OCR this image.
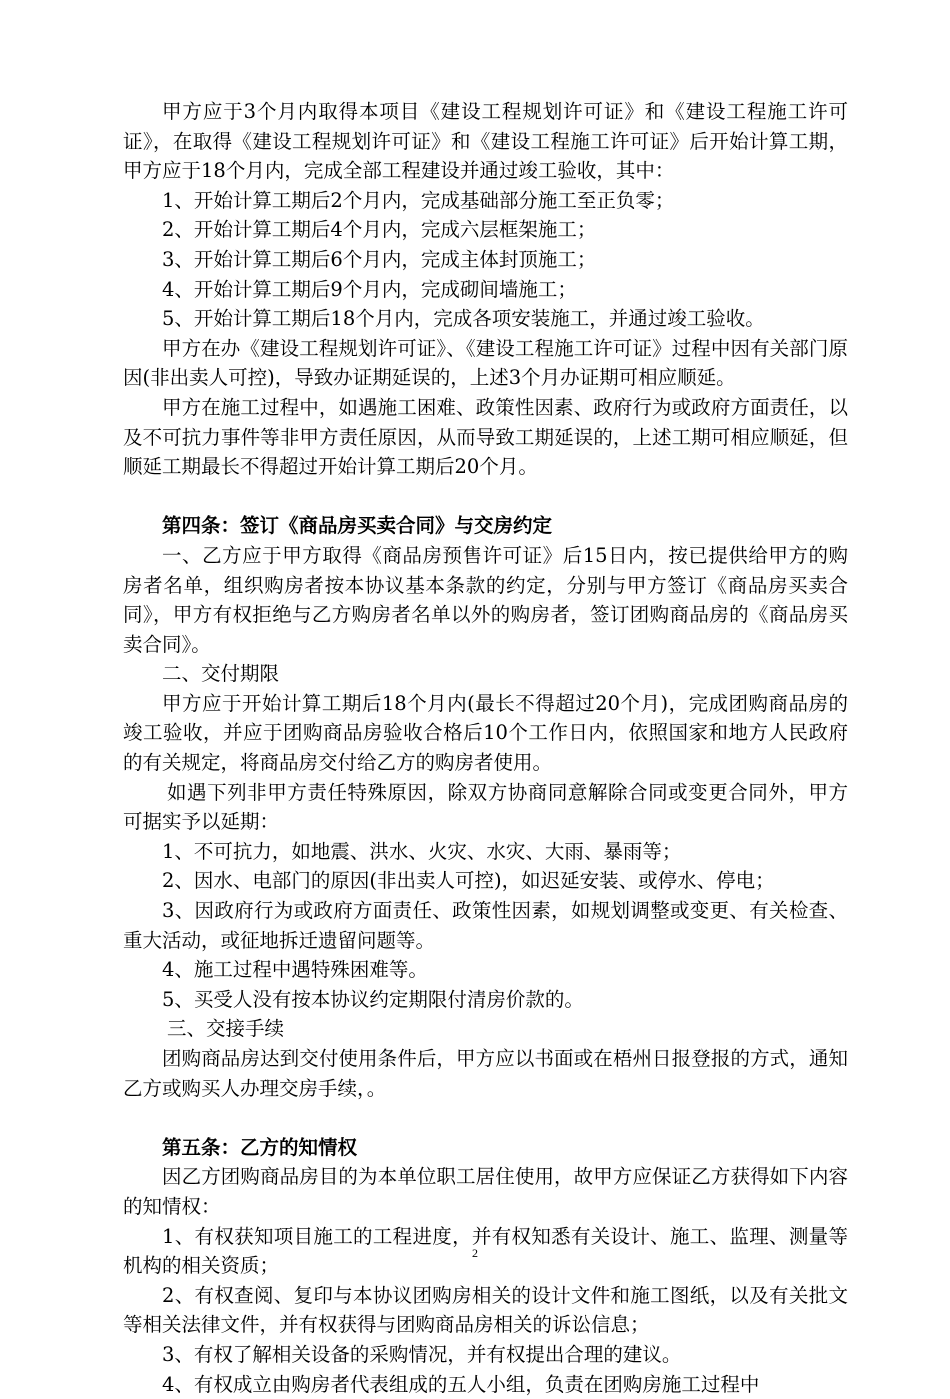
甲方应于3个月内取得本项目《建设工程规划许可证》和《建设工程施工许可证》，在取得《建设工程规划许可证》和《建设工程施工许可证》后开始计算工期，甲方应于18个月内，完成全部工程建设并通过竣工验收，其中：

1、开始计算工期后2个月内，完成基础部分施工至正负零；

2、开始计算工期后4个月内，完成六层框架施工；

3、开始计算工期后6个月内，完成主体封顶施工；

4、开始计算工期后9个月内，完成砌间墙施工；

5、开始计算工期后18个月内，完成各项安装施工，并通过竣工验收。

甲方在办《建设工程规划许可证》、《建设工程施工许可证》过程中因有关部门原因(非出卖人可控)，导致办证期延误的，上述3个月办证期可相应顺延。

甲方在施工过程中，如遇施工困难、政策性因素、政府行为或政府方面责任，以及不可抗力事件等非甲方责任原因，从而导致工期延误的，上述工期可相应顺延，但顺延工期最长不得超过开始计算工期后20个月。

第四条：签订《商品房买卖合同》与交房约定

一、乙方应于甲方取得《商品房预售许可证》后15日内，按已提供给甲方的购房者名单，组织购房者按本协议基本条款的约定，分别与甲方签订《商品房买卖合同》，甲方有权拒绝与乙方购房者名单以外的购房者，签订团购商品房的《商品房买卖合同》。

二、交付期限

甲方应于开始计算工期后18个月内(最长不得超过20个月)，完成团购商品房的竣工验收，并应于团购商品房验收合格后10个工作日内，依照国家和地方人民政府的有关规定，将商品房交付给乙方的购房者使用。

如遇下列非甲方责任特殊原因，除双方协商同意解除合同或变更合同外，甲方可据实予以延期：

1、不可抗力，如地震、洪水、火灾、水灾、大雨、暴雨等；

2、因水、电部门的原因(非出卖人可控)，如迟延安装、或停水、停电；

3、因政府行为或政府方面责任、政策性因素，如规划调整或变更、有关检查、重大活动，或征地拆迁遗留问题等。

4、施工过程中遇特殊困难等。

5、买受人没有按本协议约定期限付清房价款的。

三、交接手续

团购商品房达到交付使用条件后，甲方应以书面或在梧州日报登报的方式，通知乙方或购买人办理交房手续，。

第五条：乙方的知情权

因乙方团购商品房目的为本单位职工居住使用，故甲方应保证乙方获得如下内容的知情权：

1、有权获知项目施工的工程进度，并有权知悉有关设计、施工、监理、测量等机构的相关资质；

2、有权查阅、复印与本协议团购房相关的设计文件和施工图纸，以及有关批文等相关法律文件，并有权获得与团购商品房相关的诉讼信息；

3、有权了解相关设备的采购情况，并有权提出合理的建议。

4、有权成立由购房者代表组成的五人小组，负责在团购房施工过程中

2
